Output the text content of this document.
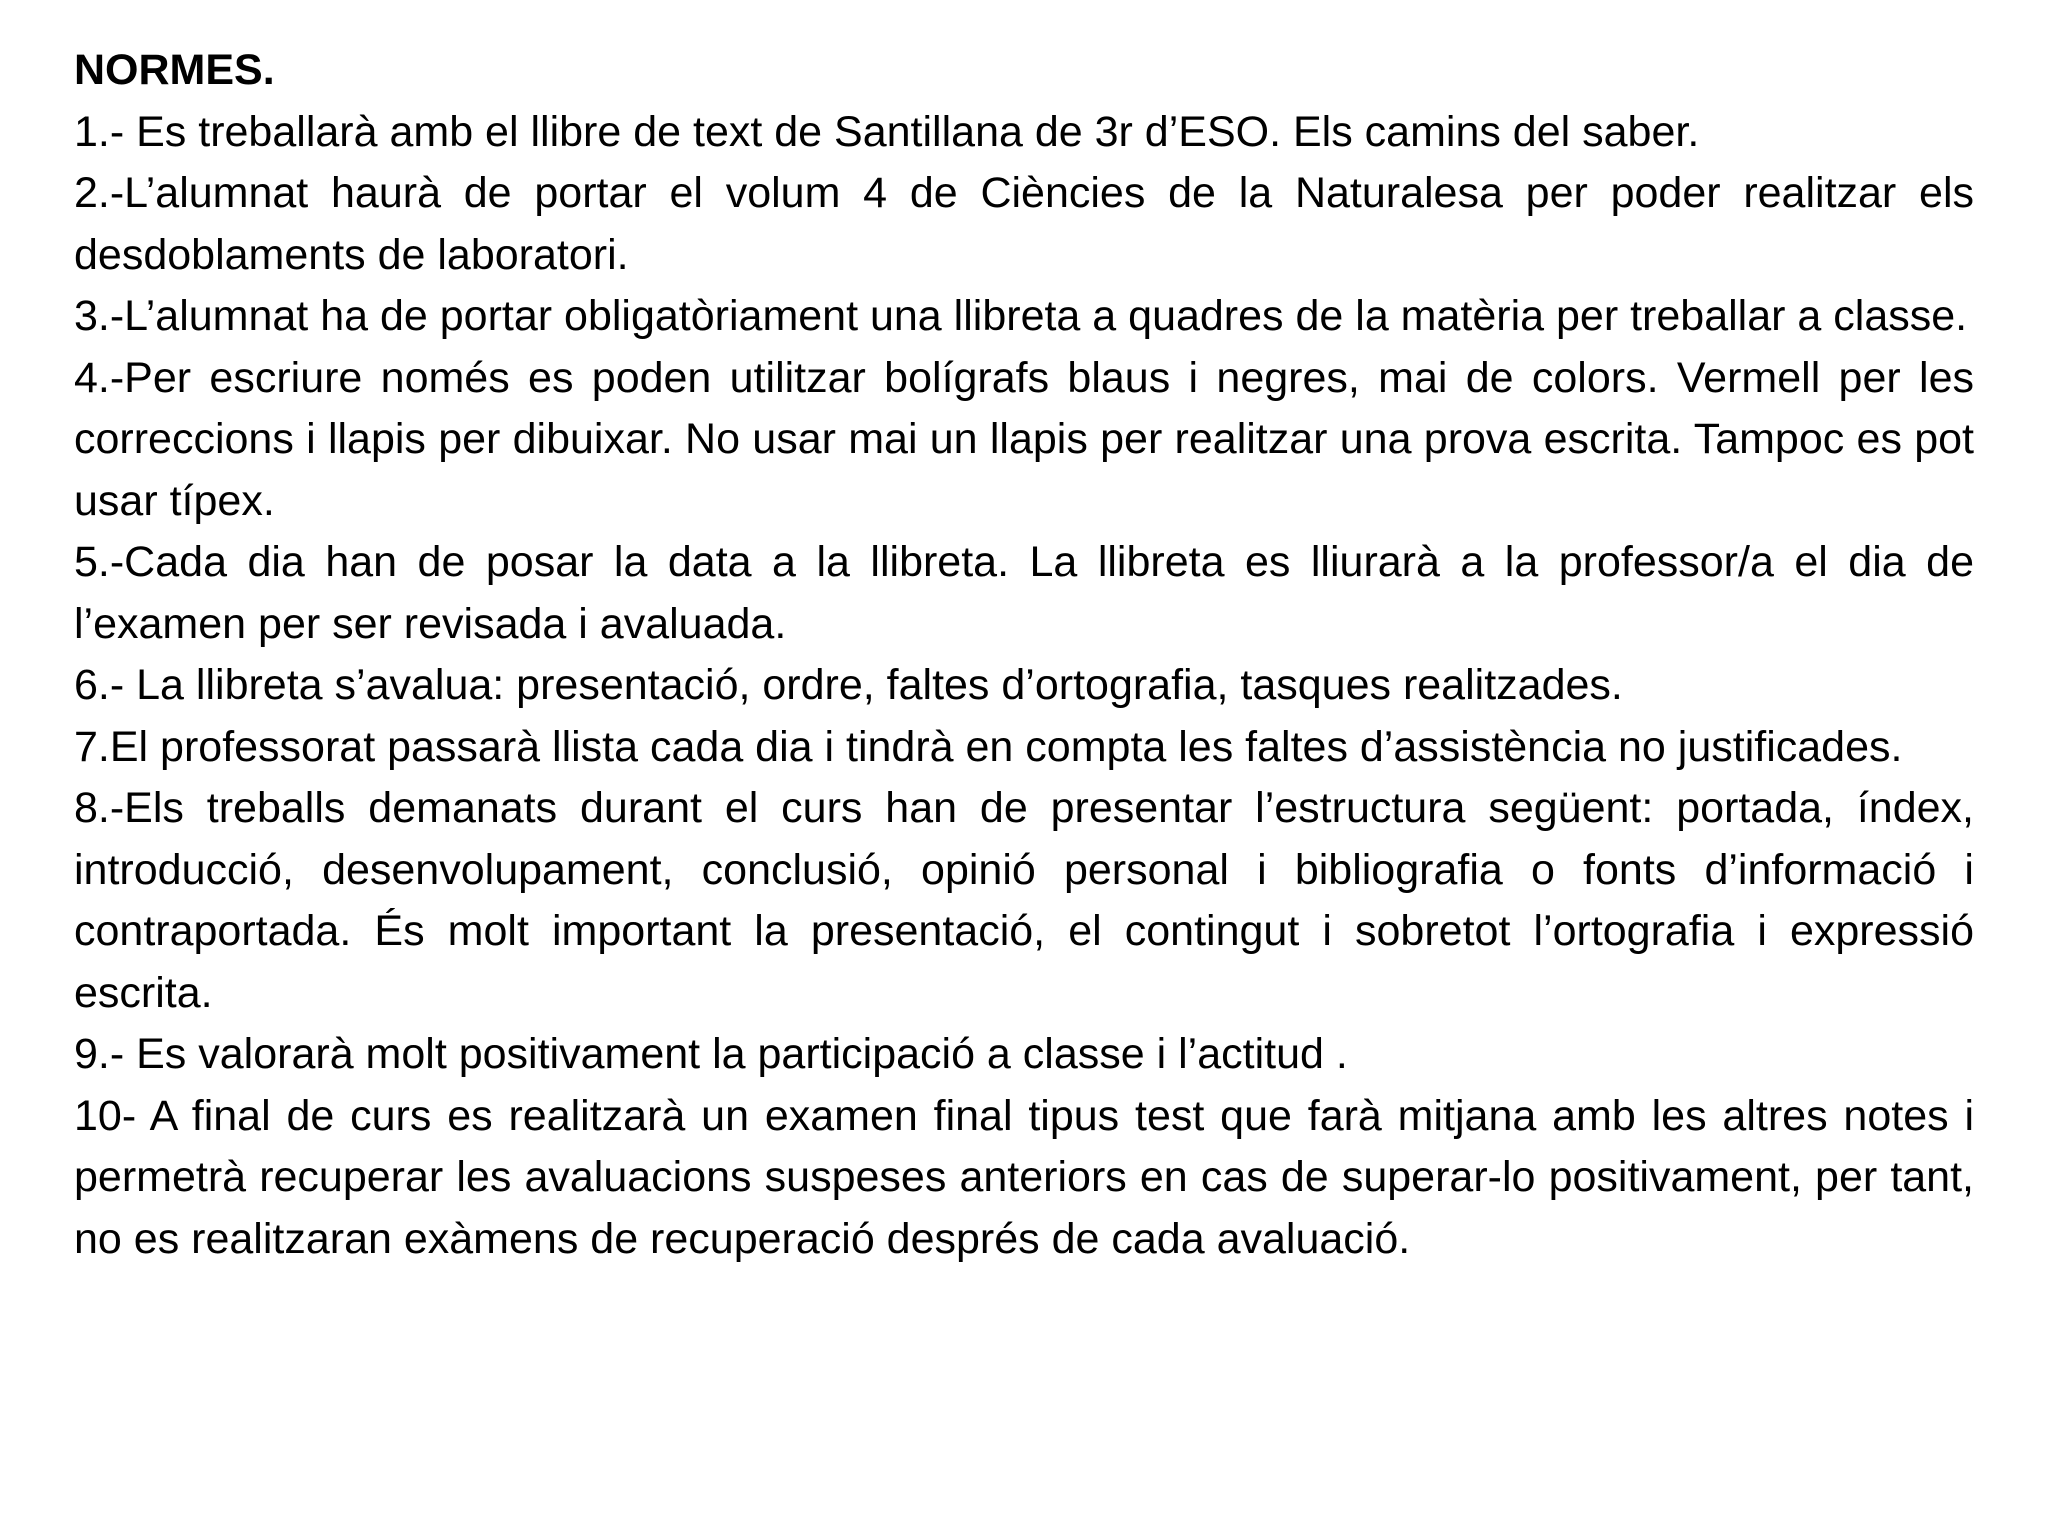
NORMES.

1.- Es treballarà amb el llibre de text de Santillana de 3r d’ESO. Els camins del saber.

2.-L’alumnat haurà de portar el volum 4 de Ciències de la Naturalesa per poder realitzar els desdoblaments de laboratori.

3.-L’alumnat ha de portar obligatòriament una llibreta a quadres de la matèria per treballar a classe.

4.-Per escriure només es poden utilitzar bolígrafs blaus i negres, mai de colors. Vermell per les correccions i llapis per dibuixar. No usar mai un llapis per realitzar una prova escrita. Tampoc es pot usar típex.

5.-Cada dia han de posar la data a la llibreta. La llibreta es lliurarà a la professor/a el dia de l’examen per ser revisada i avaluada.

6.- La llibreta s’avalua: presentació, ordre, faltes d’ortografia, tasques realitzades.

7.El professorat passarà llista cada dia i tindrà en compta les faltes d’assistència no justificades.

8.-Els treballs demanats durant el curs han de presentar l’estructura següent: portada, índex, introducció, desenvolupament, conclusió, opinió personal i bibliografia o fonts d’informació i contraportada. És molt important la presentació, el contingut i sobretot l’ortografia i expressió escrita.

9.- Es valorarà molt positivament la participació a classe i l’actitud .

10- A final de curs es realitzarà un examen final tipus test que farà mitjana amb les altres notes i permetrà recuperar les avaluacions suspeses anteriors en cas de superar-lo positivament, per tant, no es realitzaran exàmens de recuperació després de cada avaluació.
